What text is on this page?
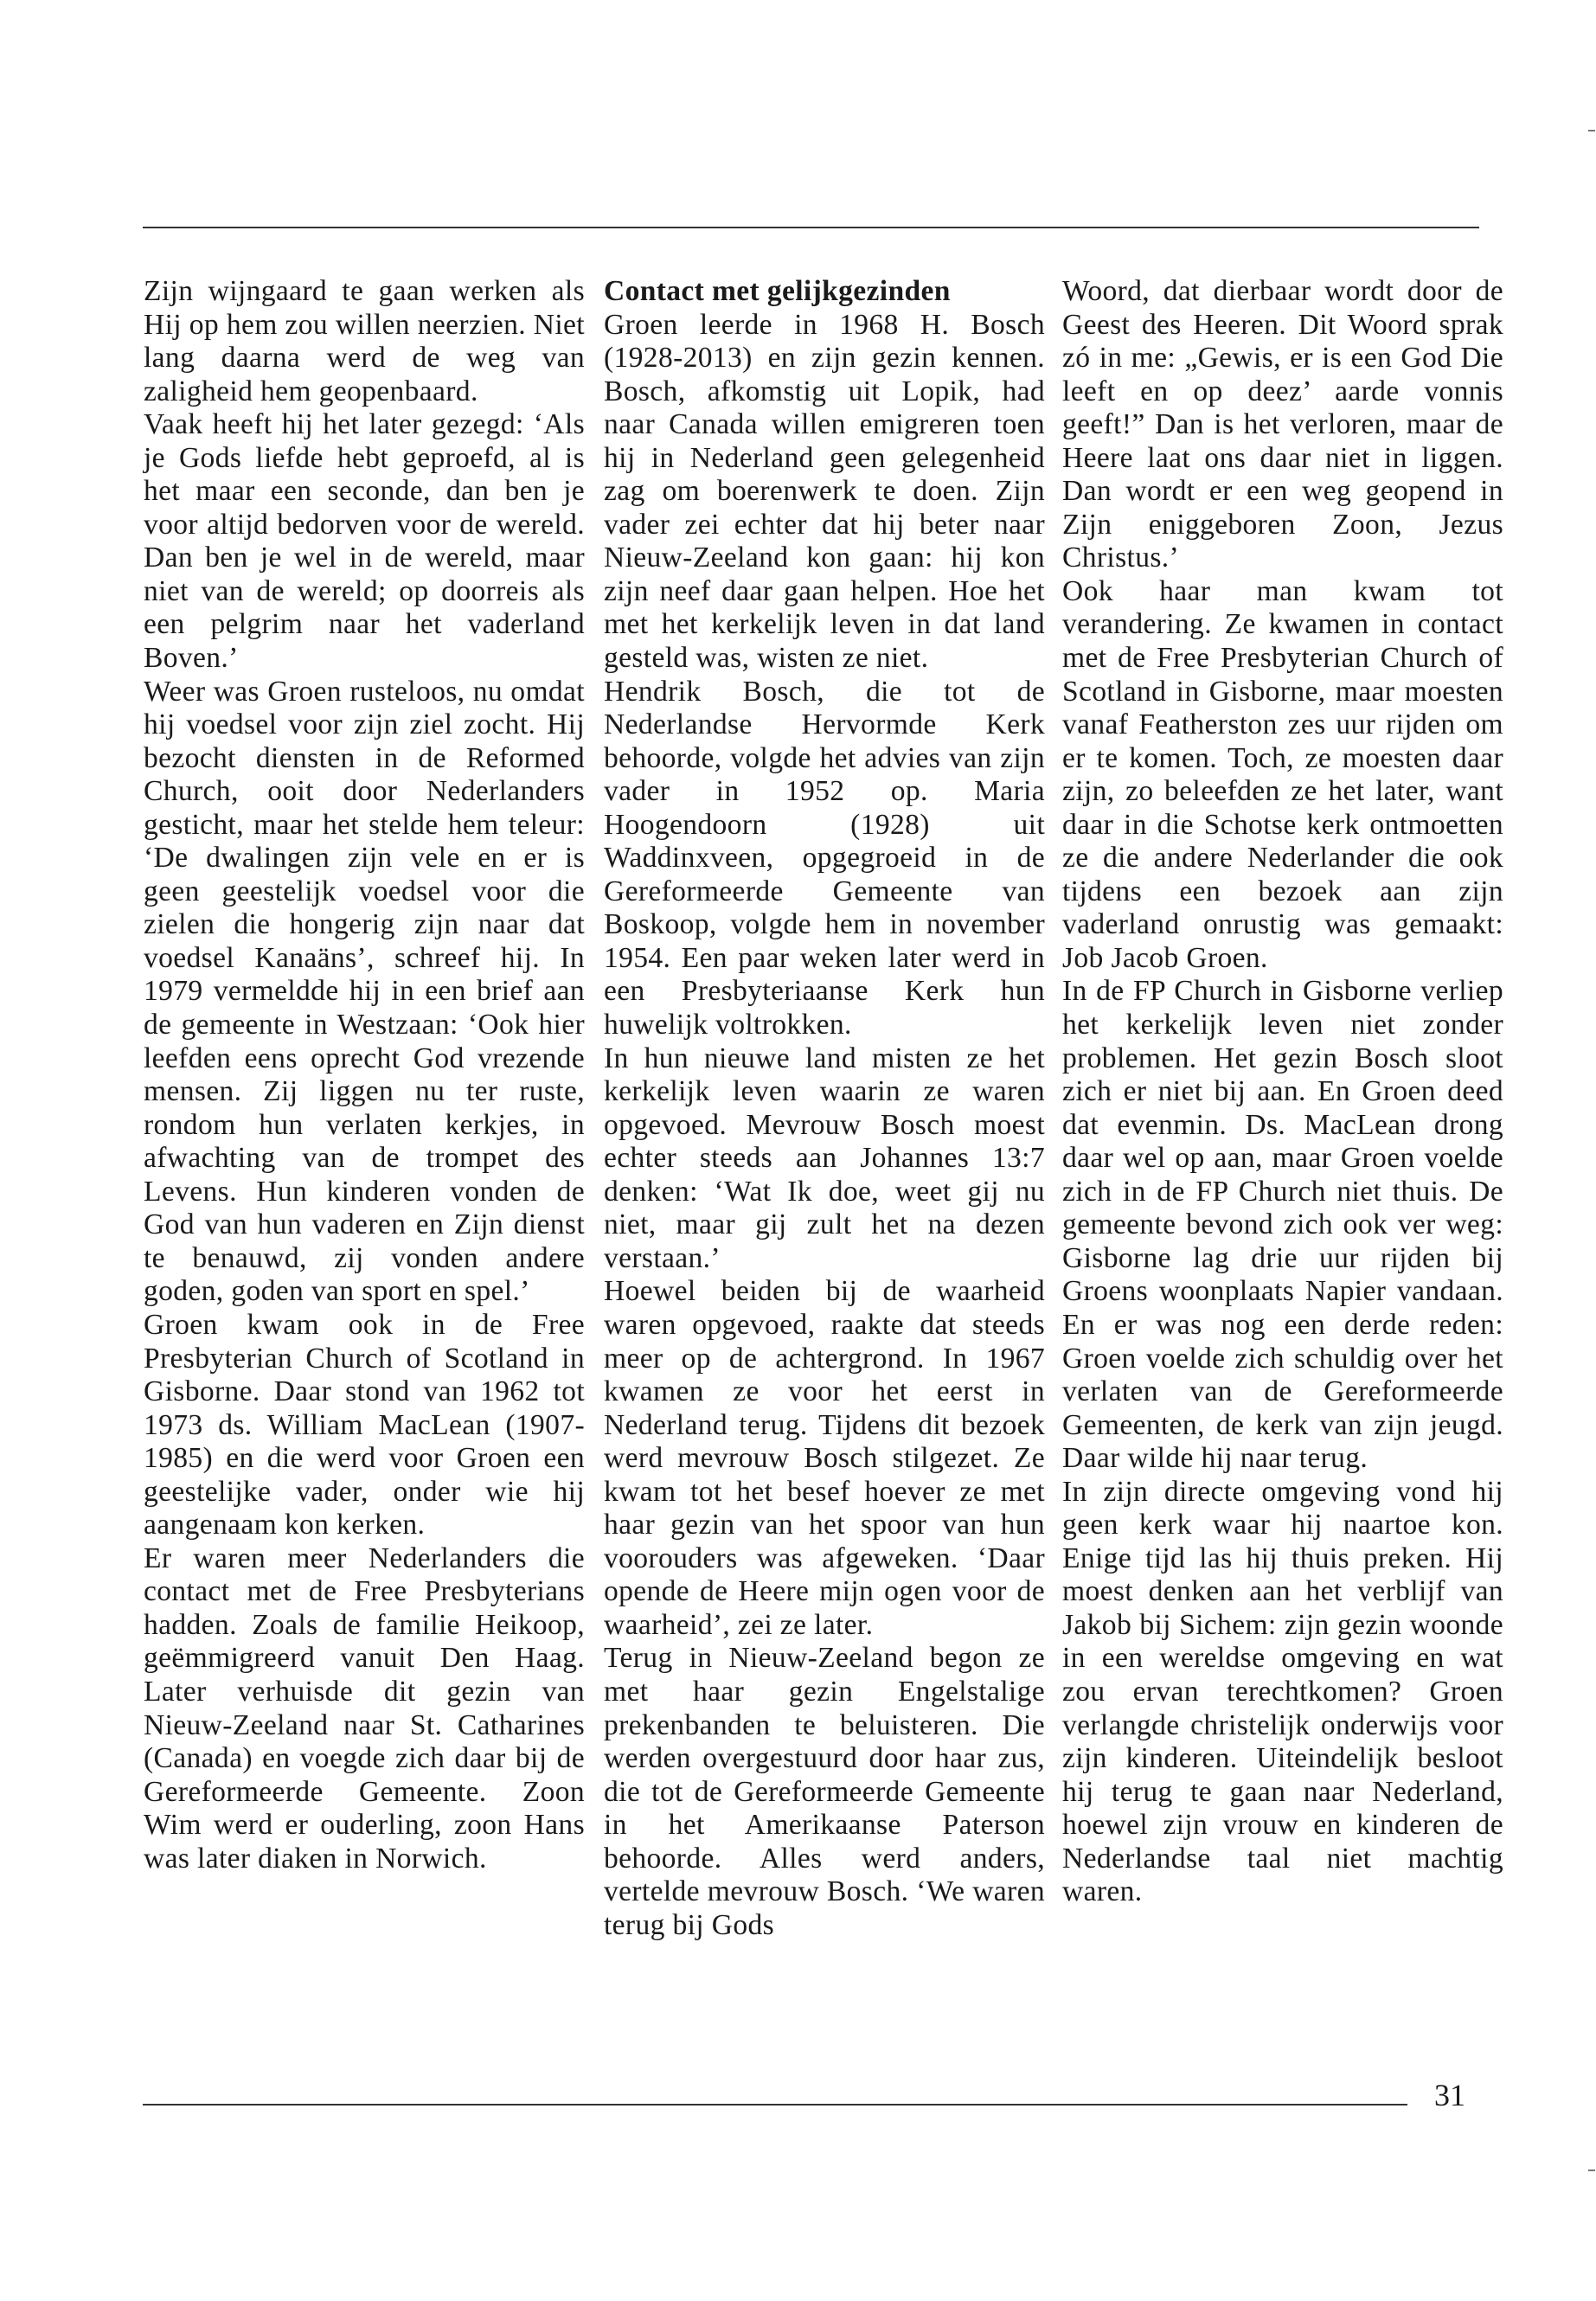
Zijn wijngaard te gaan werken als Hij op hem zou willen neerzien. Niet lang daarna werd de weg van zaligheid hem geopenbaard.

Vaak heeft hij het later gezegd: ‘Als je Gods liefde hebt geproefd, al is het maar een seconde, dan ben je voor altijd bedorven voor de wereld. Dan ben je wel in de wereld, maar niet van de wereld; op doorreis als een pelgrim naar het vaderland Boven.’

Weer was Groen rusteloos, nu omdat hij voedsel voor zijn ziel zocht. Hij bezocht diensten in de Reformed Church, ooit door Nederlanders gesticht, maar het stelde hem teleur: ‘De dwalingen zijn vele en er is geen geestelijk voedsel voor die zielen die hongerig zijn naar dat voedsel Kanaäns’, schreef hij. In 1979 vermeldde hij in een brief aan de gemeente in Westzaan: ‘Ook hier leefden eens oprecht God vrezende mensen. Zij liggen nu ter ruste, rondom hun verlaten kerkjes, in afwachting van de trompet des Levens. Hun kinderen vonden de God van hun vaderen en Zijn dienst te benauwd, zij vonden andere goden, goden van sport en spel.’

Groen kwam ook in de Free Presbyterian Church of Scotland in Gisborne. Daar stond van 1962 tot 1973 ds. William MacLean (1907-1985) en die werd voor Groen een geestelijke vader, onder wie hij aangenaam kon kerken.

Er waren meer Nederlanders die contact met de Free Presbyterians hadden. Zoals de familie Heikoop, geëmmigreerd vanuit Den Haag. Later verhuisde dit gezin van Nieuw-Zeeland naar St. Catharines (Canada) en voegde zich daar bij de Gereformeerde Gemeente. Zoon Wim werd er ouderling, zoon Hans was later diaken in Norwich.

Contact met gelijkgezinden

Groen leerde in 1968 H. Bosch (1928-2013) en zijn gezin kennen. Bosch, afkomstig uit Lopik, had naar Canada willen emigreren toen hij in Nederland geen gelegenheid zag om boerenwerk te doen. Zijn vader zei echter dat hij beter naar Nieuw-Zeeland kon gaan: hij kon zijn neef daar gaan helpen. Hoe het met het kerkelijk leven in dat land gesteld was, wisten ze niet.

Hendrik Bosch, die tot de Nederlandse Hervormde Kerk behoorde, volgde het advies van zijn vader in 1952 op. Maria Hoogendoorn (1928) uit Waddinxveen, opgegroeid in de Gereformeerde Gemeente van Boskoop, volgde hem in november 1954. Een paar weken later werd in een Presbyteriaanse Kerk hun huwelijk voltrokken.

In hun nieuwe land misten ze het kerkelijk leven waarin ze waren opgevoed. Mevrouw Bosch moest echter steeds aan Johannes 13:7 denken: ‘Wat Ik doe, weet gij nu niet, maar gij zult het na dezen verstaan.’

Hoewel beiden bij de waarheid waren opgevoed, raakte dat steeds meer op de achtergrond. In 1967 kwamen ze voor het eerst in Nederland terug. Tijdens dit bezoek werd mevrouw Bosch stilgezet. Ze kwam tot het besef hoever ze met haar gezin van het spoor van hun voorouders was afgeweken. ‘Daar opende de Heere mijn ogen voor de waarheid’, zei ze later.

Terug in Nieuw-Zeeland begon ze met haar gezin Engelstalige prekenbanden te beluisteren. Die werden overgestuurd door haar zus, die tot de Gereformeerde Gemeente in het Amerikaanse Paterson behoorde. Alles werd anders, vertelde mevrouw Bosch. ‘We waren terug bij Gods

Woord, dat dierbaar wordt door de Geest des Heeren. Dit Woord sprak zó in me: „Gewis, er is een God Die leeft en op deez’ aarde vonnis geeft!” Dan is het verloren, maar de Heere laat ons daar niet in liggen. Dan wordt er een weg geopend in Zijn eniggeboren Zoon, Jezus Christus.’

Ook haar man kwam tot verandering. Ze kwamen in contact met de Free Presbyterian Church of Scotland in Gisborne, maar moesten vanaf Featherston zes uur rijden om er te komen. Toch, ze moesten daar zijn, zo beleefden ze het later, want daar in die Schotse kerk ontmoetten ze die andere Nederlander die ook tijdens een bezoek aan zijn vaderland onrustig was gemaakt: Job Jacob Groen.

In de FP Church in Gisborne verliep het kerkelijk leven niet zonder problemen. Het gezin Bosch sloot zich er niet bij aan. En Groen deed dat evenmin. Ds. MacLean drong daar wel op aan, maar Groen voelde zich in de FP Church niet thuis. De gemeente bevond zich ook ver weg: Gisborne lag drie uur rijden bij Groens woonplaats Napier vandaan. En er was nog een derde reden: Groen voelde zich schuldig over het verlaten van de Gereformeerde Gemeenten, de kerk van zijn jeugd. Daar wilde hij naar terug.

In zijn directe omgeving vond hij geen kerk waar hij naartoe kon. Enige tijd las hij thuis preken. Hij moest denken aan het verblijf van Jakob bij Sichem: zijn gezin woonde in een wereldse omgeving en wat zou ervan terechtkomen? Groen verlangde christelijk onderwijs voor zijn kinderen. Uiteindelijk besloot hij terug te gaan naar Nederland, hoewel zijn vrouw en kinderen de Nederlandse taal niet machtig waren.

31
